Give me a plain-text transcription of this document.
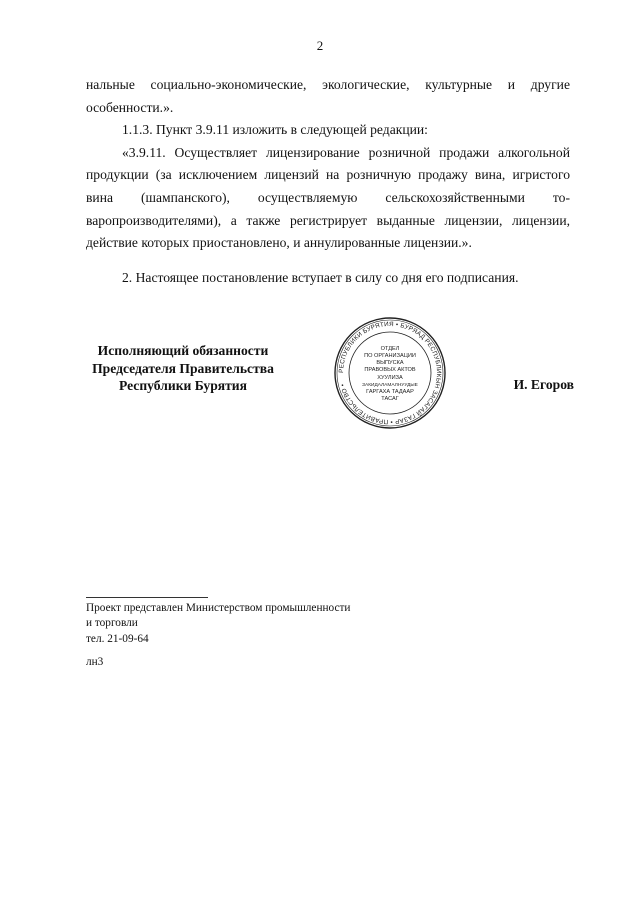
2

нальные социально-экономические, экологические, культурные и другие особенности.».

1.1.3. Пункт 3.9.11 изложить в следующей редакции:

«3.9.11. Осуществляет лицензирование розничной продажи алкогольной продукции (за исключением лицензий на розничную продажу вина, игристого вина (шампанского), осуществляемую сельскохозяйственными товаропроизводителями), а также регистрирует выданные лицензии, лицензии, действие которых приостановлено, и аннулированные лицензии.».

2. Настоящее постановление вступает в силу со дня его подписания.

Исполняющий обязанности
Председателя Правительства
Республики Бурятия
РЕСПУБЛИКИ БУРЯТИЯ • БУРЯАД РЕСПУБЛИКЫН ЗАСАГАЙ ГАЗАР • ПРАВИТЕЛЬСТВО •
ОТДЕЛ
ПО ОРГАНИЗАЦИИ
ВЫПУСКА
ПРАВОВЫХ АКТОВ
ХУУЛИЗА
ЗАКИДАЛАМАЛНУУДЫЕ
ГАРГАХА ТАДААР
ТАСАГ
И. Егоров
Проект представлен Министерством промышленности
и торговли
тел. 21-09-64
лн3
